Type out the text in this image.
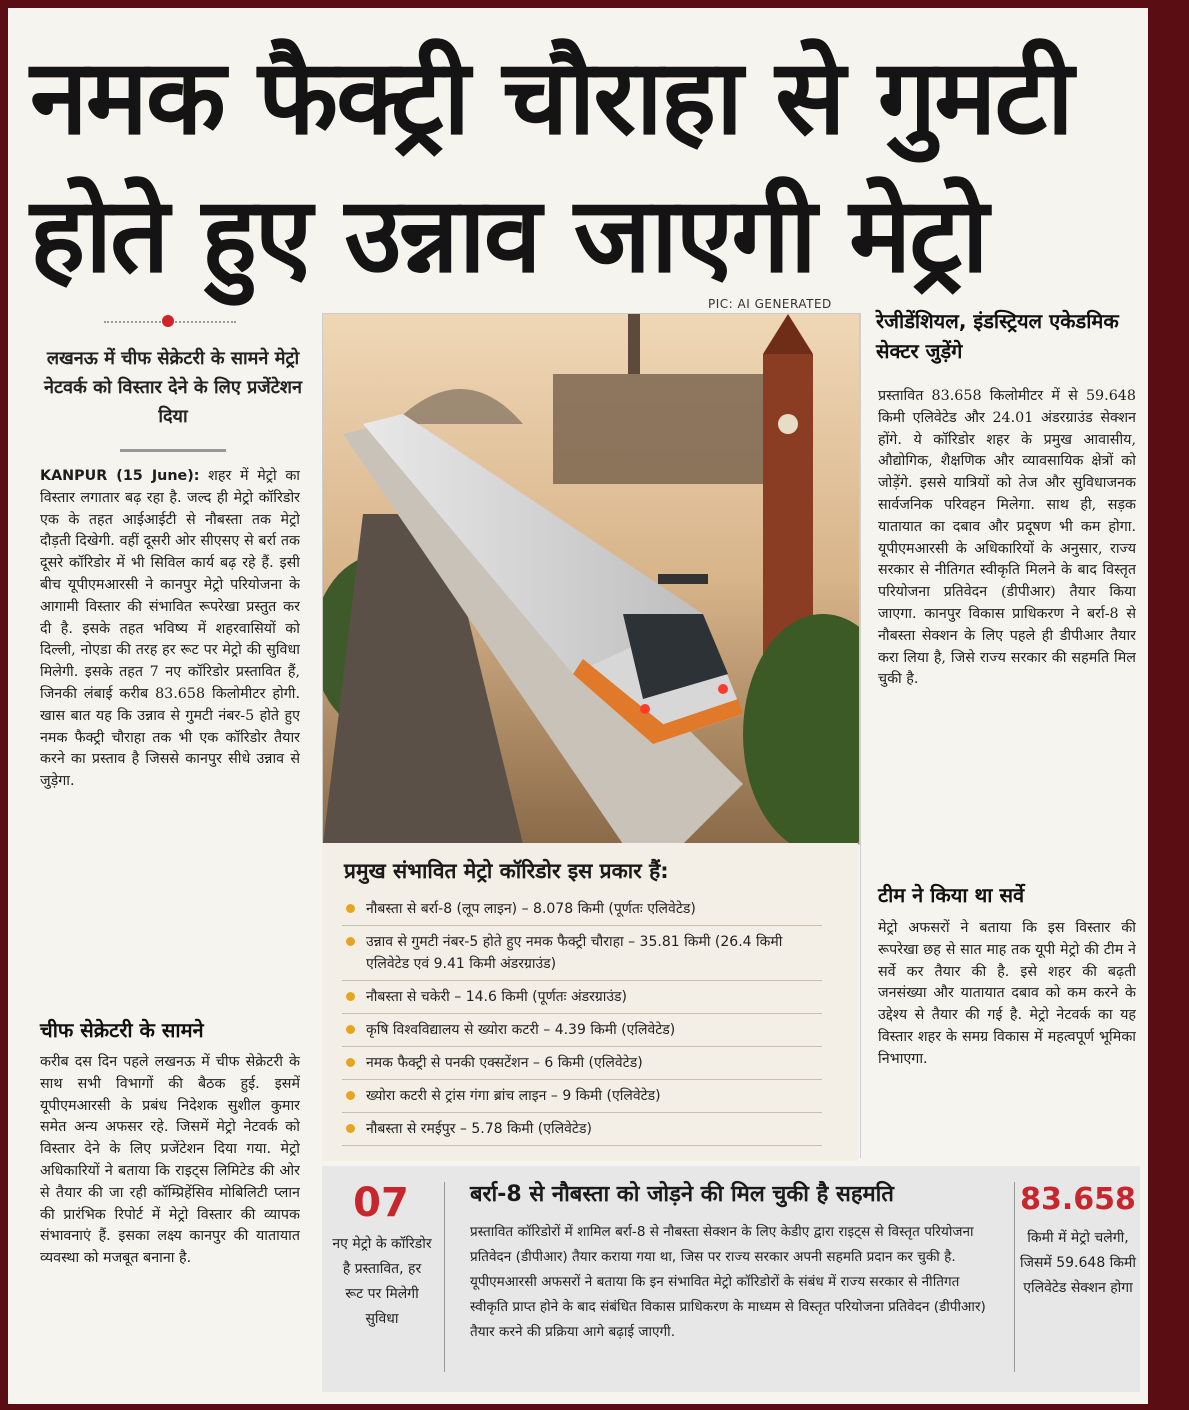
नमक फैक्ट्री चौराहा से गुमटी
होते हुए उन्नाव जाएगी मेट्रो
PIC: AI GENERATED
लखनऊ में चीफ सेक्रेटरी के सामने मेट्रो नेटवर्क को विस्तार देने के लिए प्रजेंटेशन दिया
KANPUR (15 June): शहर में मेट्रो का विस्तार लगातार बढ़ रहा है. जल्द ही मेट्रो कॉरिडोर एक के तहत आईआईटी से नौबस्ता तक मेट्रो दौड़ती दिखेगी. वहीं दूसरी ओर सीएसए से बर्रा तक दूसरे कॉरिडोर में भी सिविल कार्य बढ़ रहे हैं. इसी बीच यूपीएमआरसी ने कानपुर मेट्रो परियोजना के आगामी विस्तार की संभावित रूपरेखा प्रस्तुत कर दी है. इसके तहत भविष्य में शहरवासियों को दिल्ली, नोएडा की तरह हर रूट पर मेट्रो की सुविधा मिलेगी. इसके तहत 7 नए कॉरिडोर प्रस्तावित हैं, जिनकी लंबाई करीब 83.658 किलोमीटर होगी. खास बात यह कि उन्नाव से गुमटी नंबर-5 होते हुए नमक फैक्ट्री चौराहा तक भी एक कॉरिडोर तैयार करने का प्रस्ताव है जिससे कानपुर सीधे उन्नाव से जुड़ेगा.
चीफ सेक्रेटरी के सामने
करीब दस दिन पहले लखनऊ में चीफ सेक्रेटरी के साथ सभी विभागों की बैठक हुई. इसमें यूपीएमआरसी के प्रबंध निदेशक सुशील कुमार समेत अन्य अफसर रहे. जिसमें मेट्रो नेटवर्क को विस्तार देने के लिए प्रजेंटेशन दिया गया. मेट्रो अधिकारियों ने बताया कि राइट्स लिमिटेड की ओर से तैयार की जा रही कॉम्प्रिहेंसिव मोबिलिटी प्लान की प्रारंभिक रिपोर्ट में मेट्रो विस्तार की व्यापक संभावनाएं हैं. इसका लक्ष्य कानपुर की यातायात व्यवस्था को मजबूत बनाना है.
प्रमुख संभावित मेट्रो कॉरिडोर इस प्रकार हैं:
नौबस्ता से बर्रा-8 (लूप लाइन) – 8.078 किमी (पूर्णतः एलिवेटेड)
उन्नाव से गुमटी नंबर-5 होते हुए नमक फैक्ट्री चौराहा – 35.81 किमी (26.4 किमी एलिवेटेड एवं 9.41 किमी अंडरग्राउंड)
नौबस्ता से चकेरी – 14.6 किमी (पूर्णतः अंडरग्राउंड)
कृषि विश्वविद्यालय से ख्योरा कटरी – 4.39 किमी (एलिवेटेड)
नमक फैक्ट्री से पनकी एक्सटेंशन – 6 किमी (एलिवेटेड)
ख्योरा कटरी से ट्रांस गंगा ब्रांच लाइन – 9 किमी (एलिवेटेड)
नौबस्ता से रमईपुर – 5.78 किमी (एलिवेटेड)
रेजीडेंशियल, इंडस्ट्रियल एकेडमिक सेक्टर जुड़ेंगे
प्रस्तावित 83.658 किलोमीटर में से 59.648 किमी एलिवेटेड और 24.01 अंडरग्राउंड सेक्शन होंगे. ये कॉरिडोर शहर के प्रमुख आवासीय, औद्योगिक, शैक्षणिक और व्यावसायिक क्षेत्रों को जोड़ेंगे. इससे यात्रियों को तेज और सुविधाजनक सार्वजनिक परिवहन मिलेगा. साथ ही, सड़क यातायात का दबाव और प्रदूषण भी कम होगा. यूपीएमआरसी के अधिकारियों के अनुसार, राज्य सरकार से नीतिगत स्वीकृति मिलने के बाद विस्तृत परियोजना प्रतिवेदन (डीपीआर) तैयार किया जाएगा. कानपुर विकास प्राधिकरण ने बर्रा-8 से नौबस्ता सेक्शन के लिए पहले ही डीपीआर तैयार करा लिया है, जिसे राज्य सरकार की सहमति मिल चुकी है.
टीम ने किया था सर्वे
मेट्रो अफसरों ने बताया कि इस विस्तार की रूपरेखा छह से सात माह तक यूपी मेट्रो की टीम ने सर्वे कर तैयार की है. इसे शहर की बढ़ती जनसंख्या और यातायात दबाव को कम करने के उद्देश्य से तैयार की गई है. मेट्रो नेटवर्क का यह विस्तार शहर के समग्र विकास में महत्वपूर्ण भूमिका निभाएगा.
07
नए मेट्रो के कॉरिडोर है प्रस्तावित, हर रूट पर मिलेगी सुविधा
बर्रा-8 से नौबस्ता को जोड़ने की मिल चुकी है सहमति
प्रस्तावित कॉरिडोरों में शामिल बर्रा-8 से नौबस्ता सेक्शन के लिए केडीए द्वारा राइट्स से विस्तृत परियोजना प्रतिवेदन (डीपीआर) तैयार कराया गया था, जिस पर राज्य सरकार अपनी सहमति प्रदान कर चुकी है. यूपीएमआरसी अफसरों ने बताया कि इन संभावित मेट्रो कॉरिडोरों के संबंध में राज्य सरकार से नीतिगत स्वीकृति प्राप्त होने के बाद संबंधित विकास प्राधिकरण के माध्यम से विस्तृत परियोजना प्रतिवेदन (डीपीआर) तैयार करने की प्रक्रिया आगे बढ़ाई जाएगी.
83.658
किमी में मेट्रो चलेगी, जिसमें 59.648 किमी एलिवेटेड सेक्शन होगा
